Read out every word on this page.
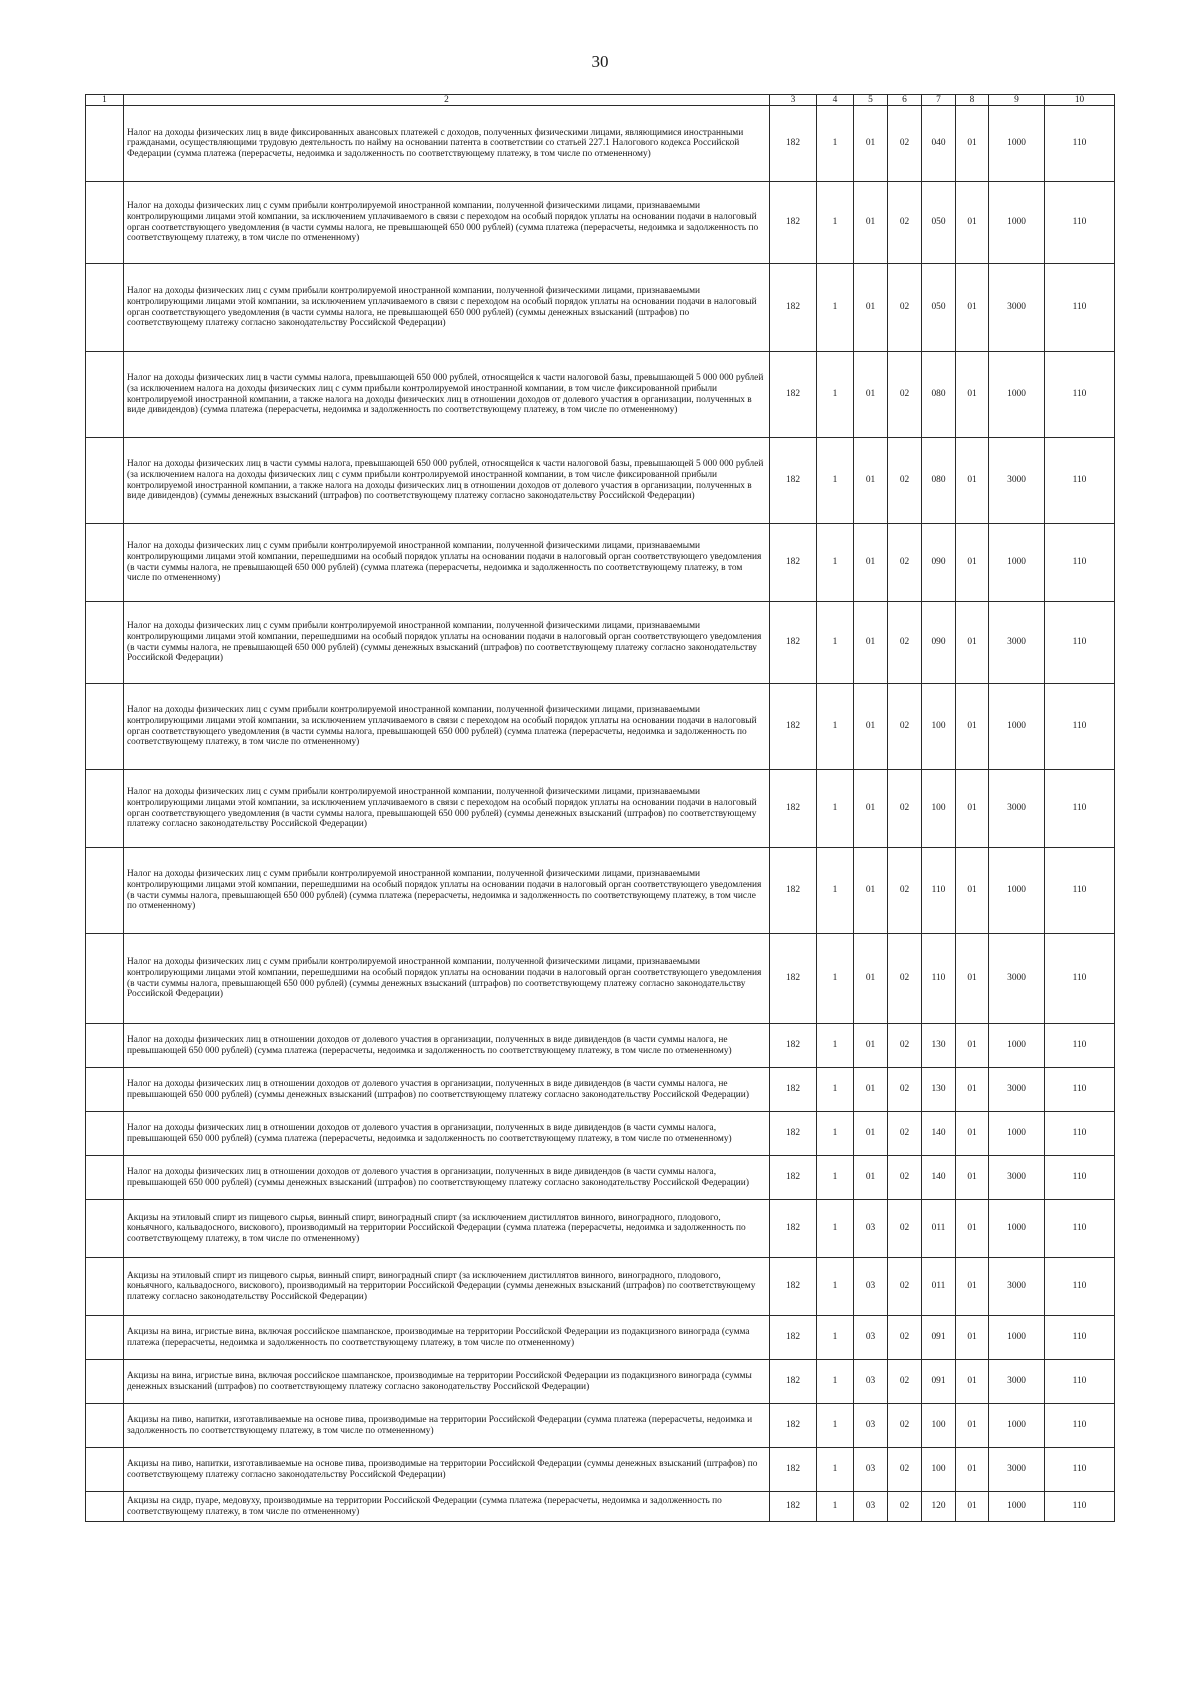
30
1	2	3	4	5	6	7	8	9	10
	Налог на доходы физических лиц в виде фиксированных авансовых платежей с доходов, полученных физическими лицами, являющимися иностранными гражданами, осуществляющими трудовую деятельность по найму на основании патента в соответствии со статьей 227.1 Налогового кодекса Российской Федерации (сумма платежа (перерасчеты, недоимка и задолженность по соответствующему платежу, в том числе по отмененному)	182	1	01	02	040	01	1000	110
	Налог на доходы физических лиц с сумм прибыли контролируемой иностранной компании, полученной физическими лицами, признаваемыми контролирующими лицами этой компании, за исключением уплачиваемого в связи с переходом на особый порядок уплаты на основании подачи в налоговый орган соответствующего уведомления (в части суммы налога, не превышающей 650 000 рублей) (сумма платежа (перерасчеты, недоимка и задолженность по соответствующему платежу, в том числе по отмененному)	182	1	01	02	050	01	1000	110
	Налог на доходы физических лиц с сумм прибыли контролируемой иностранной компании, полученной физическими лицами, признаваемыми контролирующими лицами этой компании, за исключением уплачиваемого в связи с переходом на особый порядок уплаты на основании подачи в налоговый орган соответствующего уведомления (в части суммы налога, не превышающей 650 000 рублей) (суммы денежных взысканий (штрафов) по соответствующему платежу согласно законодательству Российской Федерации)	182	1	01	02	050	01	3000	110
	Налог на доходы физических лиц в части суммы налога, превышающей 650 000 рублей, относящейся к части налоговой базы, превышающей 5 000 000 рублей (за исключением налога на доходы физических лиц с сумм прибыли контролируемой иностранной компании, в том числе фиксированной прибыли контролируемой иностранной компании, а также налога на доходы физических лиц в отношении доходов от долевого участия в организации, полученных в виде дивидендов) (сумма платежа (перерасчеты, недоимка и задолженность по соответствующему платежу, в том числе по отмененному)	182	1	01	02	080	01	1000	110
	Налог на доходы физических лиц в части суммы налога, превышающей 650 000 рублей, относящейся к части налоговой базы, превышающей 5 000 000 рублей (за исключением налога на доходы физических лиц с сумм прибыли контролируемой иностранной компании, в том числе фиксированной прибыли контролируемой иностранной компании, а также налога на доходы физических лиц в отношении доходов от долевого участия в организации, полученных в виде дивидендов) (суммы денежных взысканий (штрафов) по соответствующему платежу согласно законодательству Российской Федерации)	182	1	01	02	080	01	3000	110
	Налог на доходы физических лиц с сумм прибыли контролируемой иностранной компании, полученной физическими лицами, признаваемыми контролирующими лицами этой компании, перешедшими на особый порядок уплаты на основании подачи в налоговый орган соответствующего уведомления (в части суммы налога, не превышающей 650 000 рублей) (сумма платежа (перерасчеты, недоимка и задолженность по соответствующему платежу, в том числе по отмененному)	182	1	01	02	090	01	1000	110
	Налог на доходы физических лиц с сумм прибыли контролируемой иностранной компании, полученной физическими лицами, признаваемыми контролирующими лицами этой компании, перешедшими на особый порядок уплаты на основании подачи в налоговый орган соответствующего уведомления (в части суммы налога, не превышающей 650 000 рублей) (суммы денежных взысканий (штрафов) по соответствующему платежу согласно законодательству Российской Федерации)	182	1	01	02	090	01	3000	110
	Налог на доходы физических лиц с сумм прибыли контролируемой иностранной компании, полученной физическими лицами, признаваемыми контролирующими лицами этой компании, за исключением уплачиваемого в связи с переходом на особый порядок уплаты на основании подачи в налоговый орган соответствующего уведомления (в части суммы налога, превышающей 650 000 рублей) (сумма платежа (перерасчеты, недоимка и задолженность по соответствующему платежу, в том числе по отмененному)	182	1	01	02	100	01	1000	110
	Налог на доходы физических лиц с сумм прибыли контролируемой иностранной компании, полученной физическими лицами, признаваемыми контролирующими лицами этой компании, за исключением уплачиваемого в связи с переходом на особый порядок уплаты на основании подачи в налоговый орган соответствующего уведомления (в части суммы налога, превышающей 650 000 рублей) (суммы денежных взысканий (штрафов) по соответствующему платежу согласно законодательству Российской Федерации)	182	1	01	02	100	01	3000	110
	Налог на доходы физических лиц с сумм прибыли контролируемой иностранной компании, полученной физическими лицами, признаваемыми контролирующими лицами этой компании, перешедшими на особый порядок уплаты на основании подачи в налоговый орган соответствующего уведомления (в части суммы налога, превышающей 650 000 рублей) (сумма платежа (перерасчеты, недоимка и задолженность по соответствующему платежу, в том числе по отмененному)	182	1	01	02	110	01	1000	110
	Налог на доходы физических лиц с сумм прибыли контролируемой иностранной компании, полученной физическими лицами, признаваемыми контролирующими лицами этой компании, перешедшими на особый порядок уплаты на основании подачи в налоговый орган соответствующего уведомления (в части суммы налога, превышающей 650 000 рублей) (суммы денежных взысканий (штрафов) по соответствующему платежу согласно законодательству Российской Федерации)	182	1	01	02	110	01	3000	110
	Налог на доходы физических лиц в отношении доходов от долевого участия в организации, полученных в виде дивидендов (в части суммы налога, не превышающей 650 000 рублей) (сумма платежа (перерасчеты, недоимка и задолженность по соответствующему платежу, в том числе по отмененному)	182	1	01	02	130	01	1000	110
	Налог на доходы физических лиц в отношении доходов от долевого участия в организации, полученных в виде дивидендов (в части суммы налога, не превышающей 650 000 рублей) (суммы денежных взысканий (штрафов) по соответствующему платежу согласно законодательству Российской Федерации)	182	1	01	02	130	01	3000	110
	Налог на доходы физических лиц в отношении доходов от долевого участия в организации, полученных в виде дивидендов (в части суммы налога, превышающей 650 000 рублей) (сумма платежа (перерасчеты, недоимка и задолженность по соответствующему платежу, в том числе по отмененному)	182	1	01	02	140	01	1000	110
	Налог на доходы физических лиц в отношении доходов от долевого участия в организации, полученных в виде дивидендов (в части суммы налога, превышающей 650 000 рублей) (суммы денежных взысканий (штрафов) по соответствующему платежу согласно законодательству Российской Федерации)	182	1	01	02	140	01	3000	110
	Акцизы на этиловый спирт из пищевого сырья, винный спирт, виноградный спирт (за исключением дистиллятов винного, виноградного, плодового, коньячного, кальвадосного, вискового), производимый на территории Российской Федерации (сумма платежа (перерасчеты, недоимка и задолженность по соответствующему платежу, в том числе по отмененному)	182	1	03	02	011	01	1000	110
	Акцизы на этиловый спирт из пищевого сырья, винный спирт, виноградный спирт (за исключением дистиллятов винного, виноградного, плодового, коньячного, кальвадосного, вискового), производимый на территории Российской Федерации (суммы денежных взысканий (штрафов) по соответствующему платежу согласно законодательству Российской Федерации)	182	1	03	02	011	01	3000	110
	Акцизы на вина, игристые вина, включая российское шампанское, производимые на территории Российской Федерации из подакцизного винограда (сумма платежа (перерасчеты, недоимка и задолженность по соответствующему платежу, в том числе по отмененному)	182	1	03	02	091	01	1000	110
	Акцизы на вина, игристые вина, включая российское шампанское, производимые на территории Российской Федерации из подакцизного винограда (суммы денежных взысканий (штрафов) по соответствующему платежу согласно законодательству Российской Федерации)	182	1	03	02	091	01	3000	110
	Акцизы на пиво, напитки, изготавливаемые на основе пива, производимые на территории Российской Федерации (сумма платежа (перерасчеты, недоимка и задолженность по соответствующему платежу, в том числе по отмененному)	182	1	03	02	100	01	1000	110
	Акцизы на пиво, напитки, изготавливаемые на основе пива, производимые на территории Российской Федерации (суммы денежных взысканий (штрафов) по соответствующему платежу согласно законодательству Российской Федерации)	182	1	03	02	100	01	3000	110
	Акцизы на сидр, пуаре, медовуху, производимые на территории Российской Федерации (сумма платежа (перерасчеты, недоимка и задолженность по соответствующему платежу, в том числе по отмененному)	182	1	03	02	120	01	1000	110
